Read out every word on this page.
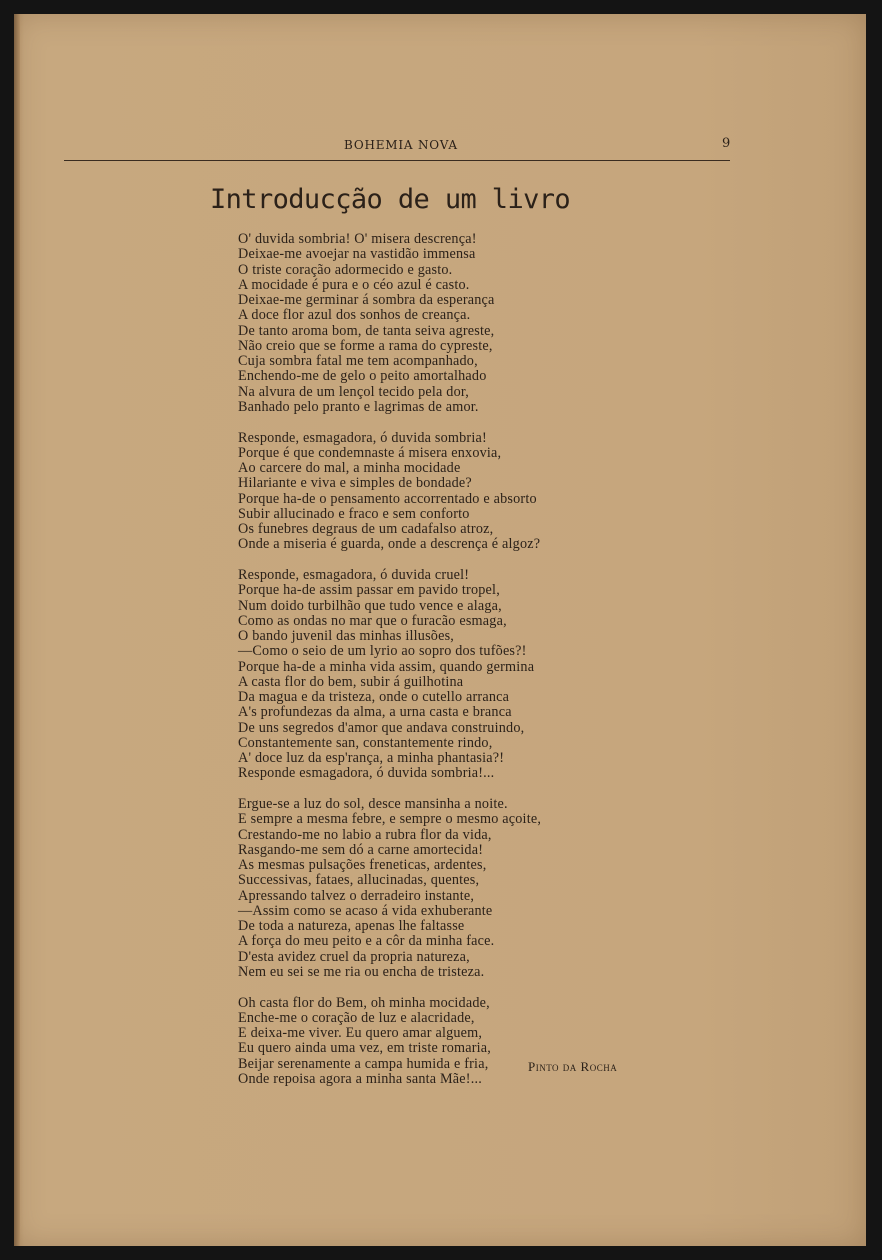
BOHEMIA NOVA	9
Introducção de um livro
O' duvida sombria! O' misera descrença!
Deixae-me avoejar na vastidão immensa
O triste coração adormecido e gasto.
A mocidade é pura e o céo azul é casto.
Deixae-me germinar á sombra da esperança
A doce flor azul dos sonhos de creança.
De tanto aroma bom, de tanta seiva agreste,
Não creio que se forme a rama do cypreste,
Cuja sombra fatal me tem acompanhado,
Enchendo-me de gelo o peito amortalhado
Na alvura de um lençol tecido pela dor,
Banhado pelo pranto e lagrimas de amor.
Responde, esmagadora, ó duvida sombria!
Porque é que condemnaste á misera enxovia,
Ao carcere do mal, a minha mocidade
Hilariante e viva e simples de bondade?
Porque ha-de o pensamento accorrentado e absorto
Subir allucinado e fraco e sem conforto
Os funebres degraus de um cadafalso atroz,
Onde a miseria é guarda, onde a descrença é algoz?
Responde, esmagadora, ó duvida cruel!
Porque ha-de assim passar em pavido tropel,
Num doido turbilhão que tudo vence e alaga,
Como as ondas no mar que o furacão esmaga,
O bando juvenil das minhas illusões,
—Como o seio de um lyrio ao sopro dos tufões?!
Porque ha-de a minha vida assim, quando germina
A casta flor do bem, subir á guilhotina
Da magua e da tristeza, onde o cutello arranca
A's profundezas da alma, a urna casta e branca
De uns segredos d'amor que andava construindo,
Constantemente san, constantemente rindo,
A' doce luz da esp'rança, a minha phantasia?!
Responde esmagadora, ó duvida sombria!...
Ergue-se a luz do sol, desce mansinha a noite.
E sempre a mesma febre, e sempre o mesmo açoite,
Crestando-me no labio a rubra flor da vida,
Rasgando-me sem dó a carne amortecida!
As mesmas pulsações freneticas, ardentes,
Successivas, fataes, allucinadas, quentes,
Apressando talvez o derradeiro instante,
—Assim como se acaso á vida exhuberante
De toda a natureza, apenas lhe faltasse
A força do meu peito e a côr da minha face.
D'esta avidez cruel da propria natureza,
Nem eu sei se me ria ou encha de tristeza.
Oh casta flor do Bem, oh minha mocidade,
Enche-me o coração de luz e alacridade,
E deixa-me viver. Eu quero amar alguem,
Eu quero ainda uma vez, em triste romaria,
Beijar serenamente a campa humida e fria,
Onde repoisa agora a minha santa Mãe!...
Pinto da Rocha
